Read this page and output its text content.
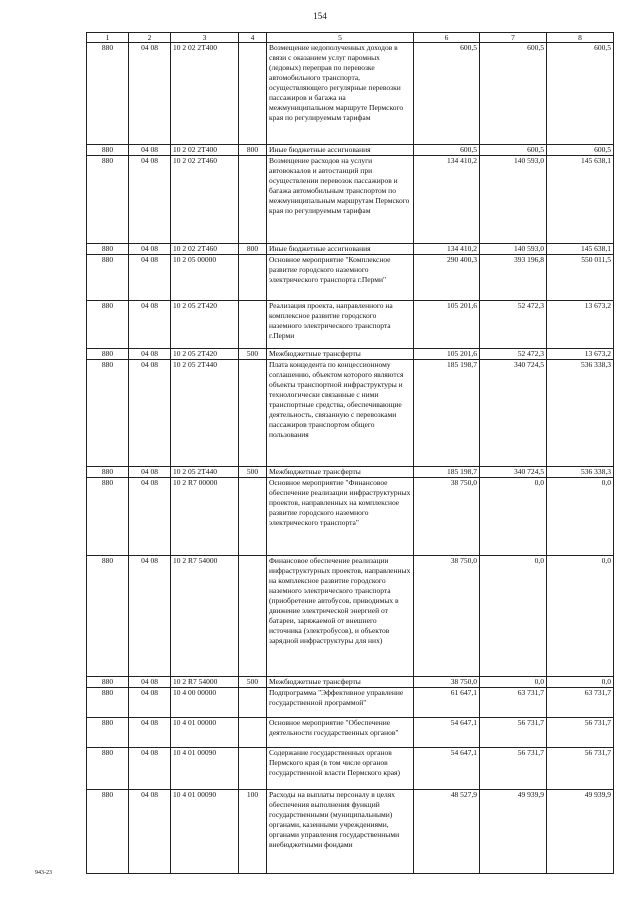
154
1	2	3	4	5	6	7	8
880	04 08	10 2 02 2Т400		Возмещение недополученных доходов в связи с оказанием услуг паромных (ледовых) переправ по перевозке автомобильного транспорта, осуществляющего регулярные перевозки пассажиров и багажа на межмуниципальном маршруте Пермского края по регулируемым тарифам	600,5	600,5	600,5
880	04 08	10 2 02 2Т400	800	Иные бюджетные ассигнования	600,5	600,5	600,5
880	04 08	10 2 02 2Т460		Возмещение расходов на услуги автовокзалов и автостанций при осуществлении перевозок пассажиров и багажа автомобильным транспортом по межмуниципальным маршрутам Пермского края по регулируемым тарифам	134 410,2	140 593,0	145 638,1
880	04 08	10 2 02 2Т460	800	Иные бюджетные ассигнования	134 410,2	140 593,0	145 638,1
880	04 08	10 2 05 00000		Основное мероприятие "Комплексное развитие городского наземного электрического транспорта г.Перми"	290 400,3	393 196,8	550 011,5
880	04 08	10 2 05 2Т420		Реализация проекта, направленного на комплексное развитие городского наземного электрического транспорта г.Перми	105 201,6	52 472,3	13 673,2
880	04 08	10 2 05 2Т420	500	Межбюджетные трансферты	105 201,6	52 472,3	13 673,2
880	04 08	10 2 05 2Т440		Плата концедента по концессионному соглашению, объектом которого являются объекты транспортной инфраструктуры и технологически связанные с ними транспортные средства, обеспечивающие деятельность, связанную с перевозками пассажиров транспортом общего пользования	185 198,7	340 724,5	536 338,3
880	04 08	10 2 05 2Т440	500	Межбюджетные трансферты	185 198,7	340 724,5	536 338,3
880	04 08	10 2 R7 00000		Основное мероприятие "Финансовое обеспечение реализации инфраструктурных проектов, направленных на комплексное развитие городского наземного электрического транспорта"	38 750,0	0,0	0,0
880	04 08	10 2 R7 54000		Финансовое обеспечение реализации инфраструктурных проектов, направленных на комплексное развитие городского наземного электрического транспорта (приобретение автобусов, приводимых в движение электрической энергией от батареи, заряжаемой от внешнего источника (электробусов), и объектов зарядной инфраструктуры для них)	38 750,0	0,0	0,0
880	04 08	10 2 R7 54000	500	Межбюджетные трансферты	38 750,0	0,0	0,0
880	04 08	10 4 00 00000		Подпрограмма "Эффективное управление государственной программой"	61 647,1	63 731,7	63 731,7
880	04 08	10 4 01 00000		Основное мероприятие "Обеспечение деятельности государственных органов"	54 647,1	56 731,7	56 731,7
880	04 08	10 4 01 00090		Содержание государственных органов Пермского края (в том числе органов государственной власти Пермского края)	54 647,1	56 731,7	56 731,7
880	04 08	10 4 01 00090	100	Расходы на выплаты персоналу в целях обеспечения выполнения функций государственными (муниципальными) органами, казенными учреждениями, органами управления государственными внебюджетными фондами	48 527,9	49 939,9	49 939,9
943-23
